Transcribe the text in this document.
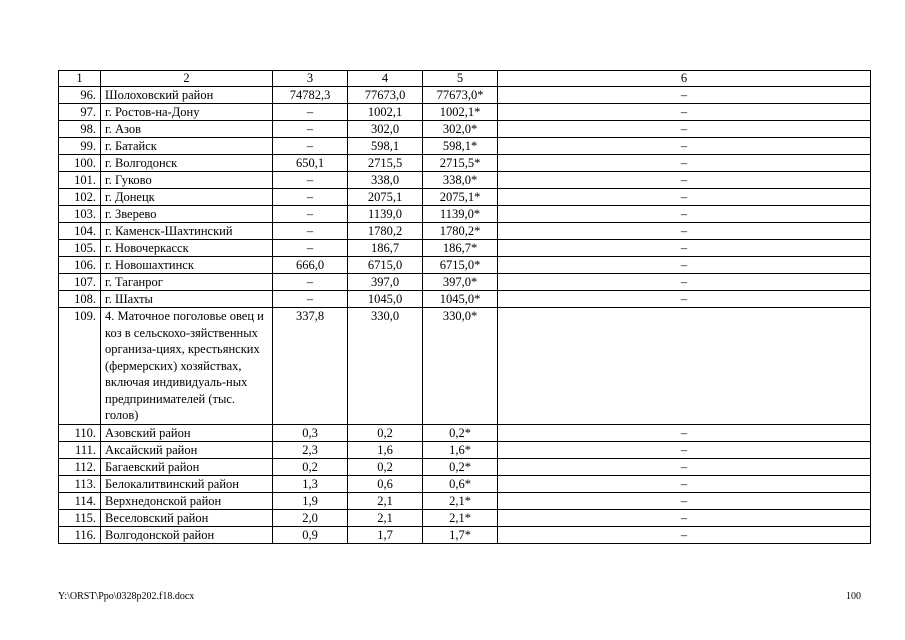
1	2	3	4	5	6
96.	Шолоховский район	74782,3	77673,0	77673,0*	–
97.	г. Ростов-на-Дону	–	1002,1	1002,1*	–
98.	г. Азов	–	302,0	302,0*	–
99.	г. Батайск	–	598,1	598,1*	–
100.	г. Волгодонск	650,1	2715,5	2715,5*	–
101.	г. Гуково	–	338,0	338,0*	–
102.	г. Донецк	–	2075,1	2075,1*	–
103.	г. Зверево	–	1139,0	1139,0*	–
104.	г. Каменск-Шахтинский	–	1780,2	1780,2*	–
105.	г. Новочеркасск	–	186,7	186,7*	–
106.	г. Новошахтинск	666,0	6715,0	6715,0*	–
107.	г. Таганрог	–	397,0	397,0*	–
108.	г. Шахты	–	1045,0	1045,0*	–
109.	4. Маточное поголовье овец и коз в сельскохо-зяйственных организа-циях, крестьянских (фермерских) хозяйствах, включая индивидуаль-ных предпринимателей (тыс. голов)	337,8	330,0	330,0*	
110.	Азовский район	0,3	0,2	0,2*	–
111.	Аксайский район	2,3	1,6	1,6*	–
112.	Багаевский район	0,2	0,2	0,2*	–
113.	Белокалитвинский район	1,3	0,6	0,6*	–
114.	Верхнедонской район	1,9	2,1	2,1*	–
115.	Веселовский район	2,0	2,1	2,1*	–
116.	Волгодонской район	0,9	1,7	1,7*	–
Y:\ORST\Ppo\0328p202.f18.docx	100
